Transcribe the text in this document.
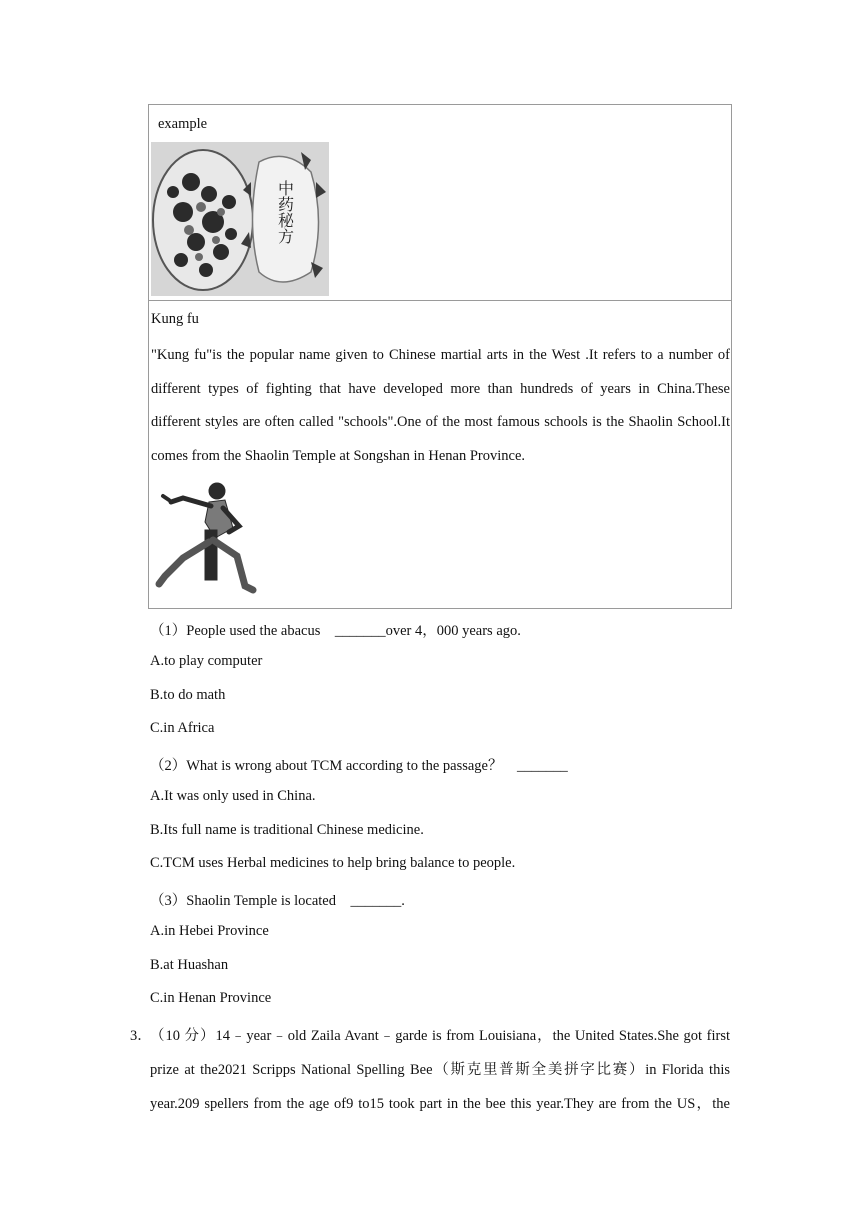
example
中药秘方
Kung fu
"Kung fu"is the popular name given to Chinese martial arts in the West .It refers to a number of different types of fighting that have developed more than hundreds of years in China.These different styles are often called "schools".One of the most famous schools is the Shaolin School.It comes from the Shaolin Temple at Songshan in Henan Province.
（1）People used the abacus　_______over 4，000 years ago.
A.to play computer
B.to do math
C.in Africa
（2）What is wrong about TCM according to the passage？　_______
A.It was only used in China.
B.Its full name is traditional Chinese medicine.
C.TCM uses Herbal medicines to help bring balance to people.
（3）Shaolin Temple is located　_______.
A.in Hebei Province
B.at Huashan
C.in Henan Province
3．
（10 分）14﹣year﹣old Zaila Avant﹣garde is from Louisiana，the United States.She got first
prize at the2021 Scripps National Spelling Bee（斯克里普斯全美拼字比赛）in Florida this
year.209 spellers from the age of9 to15 took part in the bee this year.They are from the US，the
